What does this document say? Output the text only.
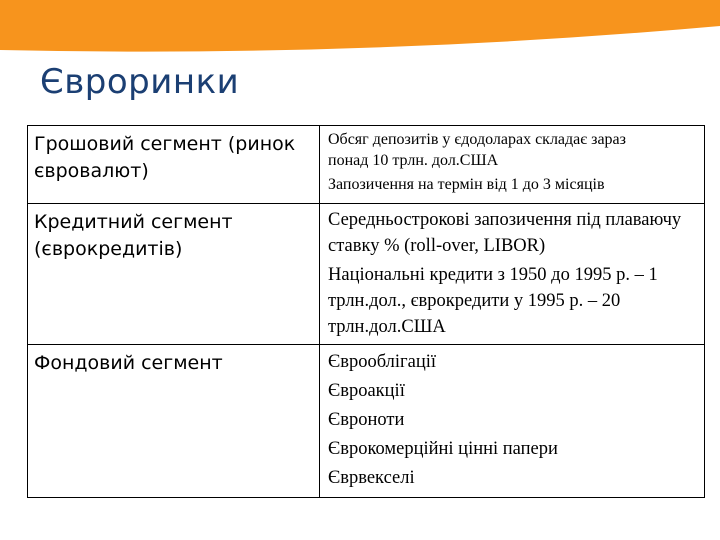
Євроринки
Грошовий сегмент (ринок
євровалют)	Обсяг депозитів у єдодоларах складає зараз
понад 10 трлн. дол.США
Запозичення на термін від 1 до 3 місяців

Кредитний сегмент
(єврокредитів)	Середньострокові запозичення під плаваючу
ставку % (roll-over, LIBOR)
Національні кредити з 1950 до 1995 р. – 1
трлн.дол., єврокредити у 1995 р. – 20
трлн.дол.США

Фондовий сегмент	Єврооблігації
Євроакції
Євроноти
Єврокомерційні цінні папери
Єврвекселі
